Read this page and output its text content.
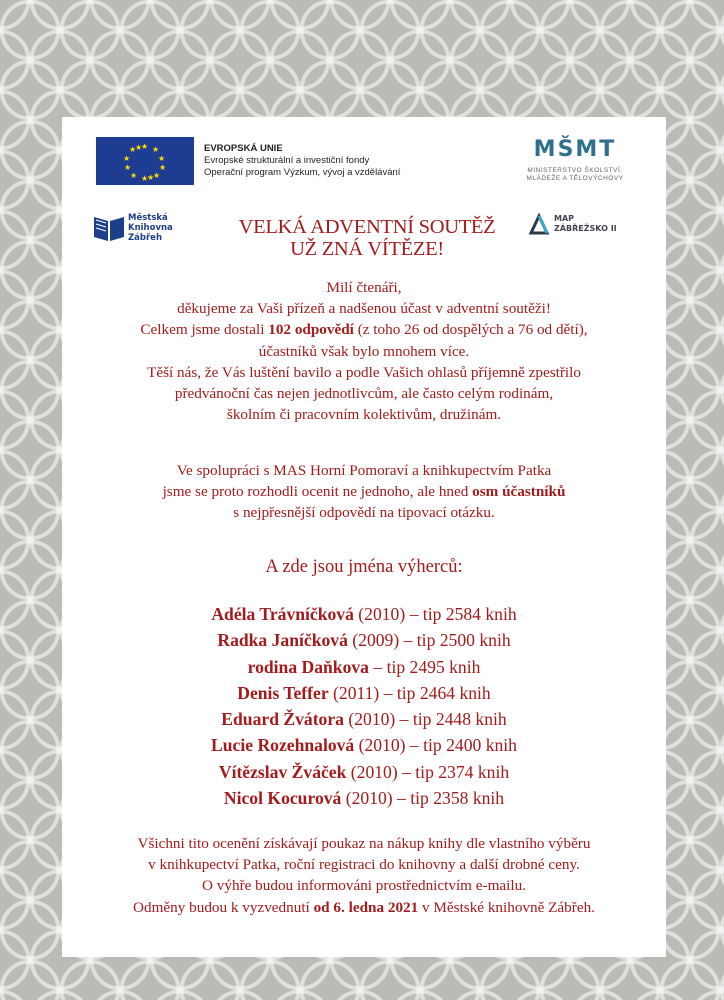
★ ★
★
★
★
★
★
★
★
★
★
★
EVROPSKÁ UNIE
Evropské strukturální a investiční fondy
Operační program Výzkum, vývoj a vzdělávání
MŠMT
MINISTERSTVO ŠKOLSTVÍ,
MLÁDEŽE A TĚLOVÝCHOVY
Městská
Knihovna
Zábřeh	VELKÁ ADVENTNÍ SOUTĚŽ
UŽ ZNÁ VÍTĚZE!
MAP
ZÁBŘEŽSKO II

Milí čtenáři,

děkujeme za Vaši přízeň a nadšenou účast v adventní soutěži!

Celkem jsme dostali 102 odpovědí (z toho 26 od dospělých a 76 od dětí),

účastníků však bylo mnohem více.

Těší nás, že Vás luštění bavilo a podle Vašich ohlasů příjemně zpestřilo

předvánoční čas nejen jednotlivcům, ale často celým rodinám,

školním či pracovním kolektivům, družinám.

Ve spolupráci s MAS Horní Pomoraví a knihkupectvím Patka

jsme se proto rozhodli ocenit ne jednoho, ale hned osm účastníků

s nejpřesnější odpovědí na tipovací otázku.

A zde jsou jména výherců:
Adéla Trávníčková (2010) – tip 2584 knih
Radka Janíčková (2009) – tip 2500 knih
rodina Daňkova – tip 2495 knih
Denis Teffer (2011) – tip 2464 knih
Eduard Žvátora (2010) – tip 2448 knih
Lucie Rozehnalová (2010) – tip 2400 knih
Vítězslav Žváček (2010) – tip 2374 knih
Nicol Kocurová (2010) – tip 2358 knih

Všichni tito ocenění získávají poukaz na nákup knihy dle vlastního výběru

v knihkupectví Patka, roční registraci do knihovny a další drobné ceny.

O výhře budou informováni prostřednictvím e-mailu.

Odměny budou k vyzvednutí od 6. ledna 2021 v Městské knihovně Zábřeh.
